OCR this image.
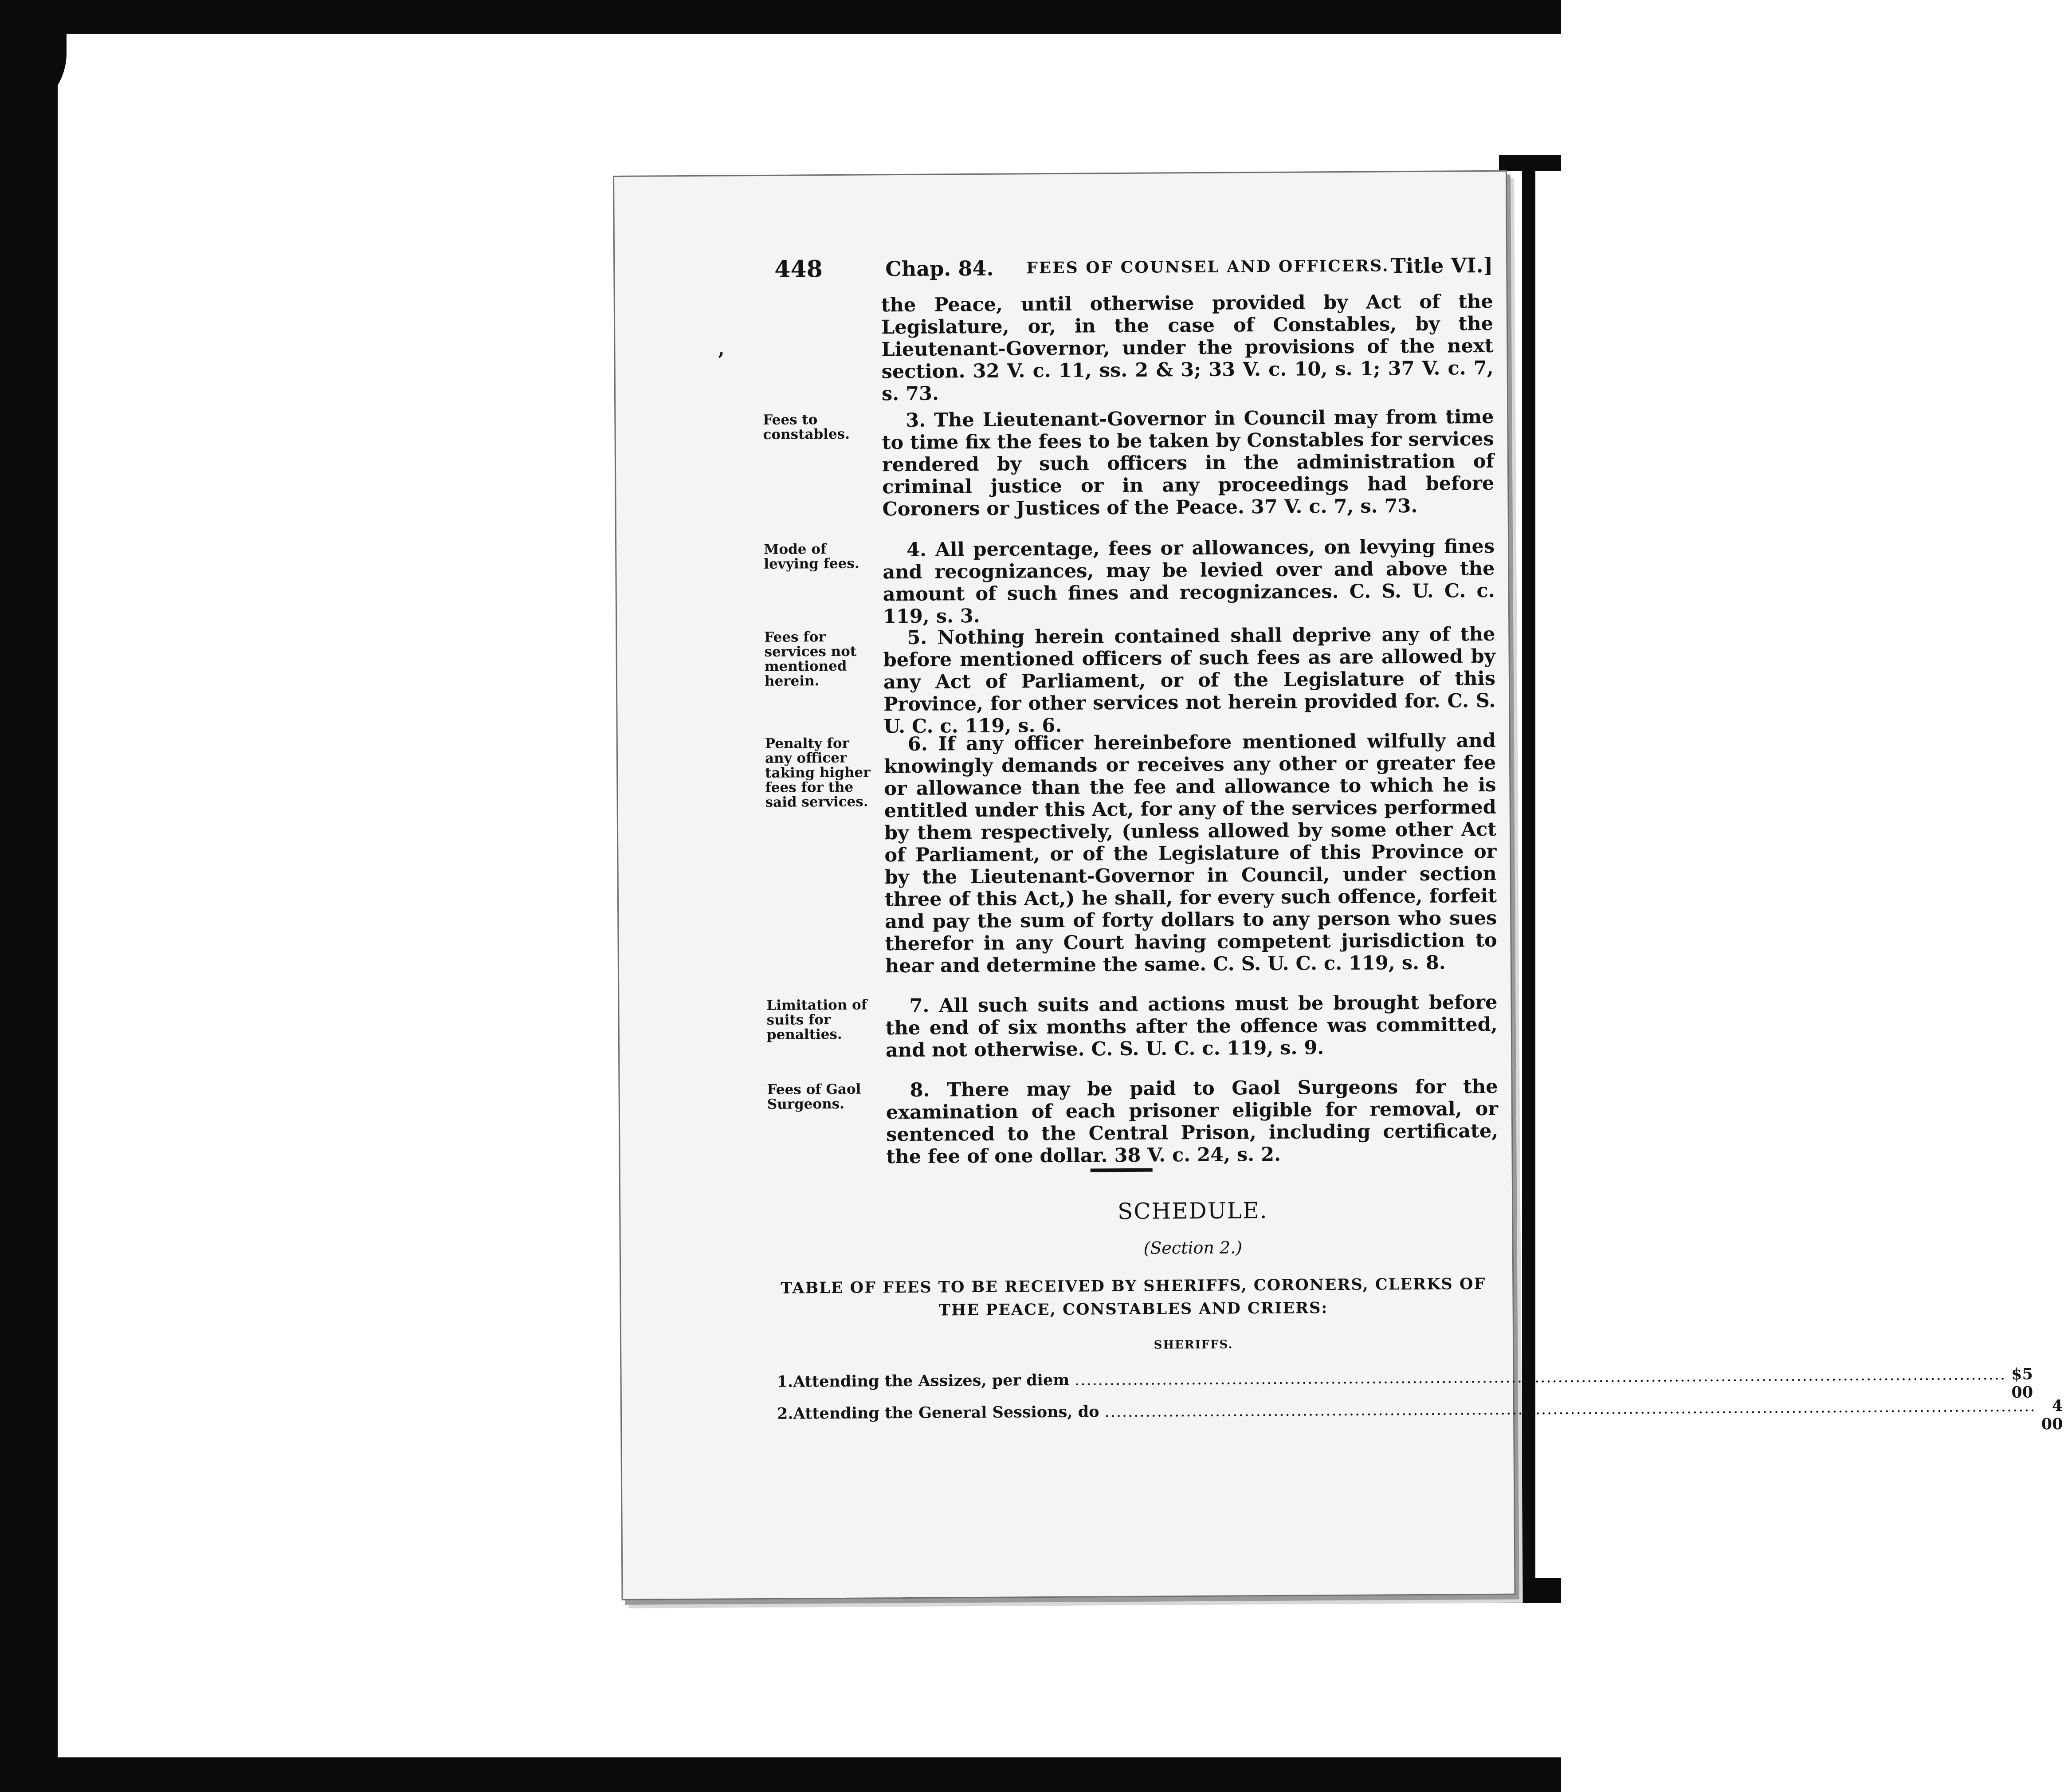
448	Chap. 84. FEES OF COUNSEL AND OFFICERS. Title VI.]
,
the Peace, until otherwise provided by Act of the Legislature, or, in the case of Constables, by the Lieutenant-Governor, under the provisions of the next section. 32 V. c. 11, ss. 2 & 3; 33 V. c. 10, s. 1; 37 V. c. 7, s. 73.
Fees to constables.
3. The Lieutenant-Governor in Council may from time to time fix the fees to be taken by Constables for services rendered by such officers in the administration of criminal justice or in any proceedings had before Coroners or Justices of the Peace. 37 V. c. 7, s. 73.
Mode of levying fees.
4. All percentage, fees or allowances, on levying fines and recognizances, may be levied over and above the amount of such fines and recognizances. C. S. U. C. c. 119, s. 3.
Fees for services not mentioned herein.
5. Nothing herein contained shall deprive any of the before mentioned officers of such fees as are allowed by any Act of Parliament, or of the Legislature of this Province, for other services not herein provided for. C. S. U. C. c. 119, s. 6.
Penalty for any officer taking higher fees for the said services.
6. If any officer hereinbefore mentioned wilfully and knowingly demands or receives any other or greater fee or allowance than the fee and allowance to which he is entitled under this Act, for any of the services performed by them respectively, (unless allowed by some other Act of Parliament, or of the Legislature of this Province or by the Lieutenant-Governor in Council, under section three of this Act,) he shall, for every such offence, forfeit and pay the sum of forty dollars to any person who sues therefor in any Court having competent jurisdiction to hear and determine the same. C. S. U. C. c. 119, s. 8.
Limitation of suits for penalties.
7. All such suits and actions must be brought before the end of six months after the offence was committed, and not otherwise. C. S. U. C. c. 119, s. 9.
Fees of Gaol Surgeons.
8. There may be paid to Gaol Surgeons for the examination of each prisoner eligible for removal, or sentenced to the Central Prison, including certificate, the fee of one dollar. 38 V. c. 24, s. 2.
SCHEDULE.
(Section 2.)
TABLE OF FEES TO BE RECEIVED BY SHERIFFS, CORONERS, CLERKS OF THE PEACE, CONSTABLES AND CRIERS:
SHERIFFS.
1. Attending the Assizes, per diem ................................................................................................................................................................ $5 00
2. Attending the General Sessions, do ................................................................................................................................................................	4 00
